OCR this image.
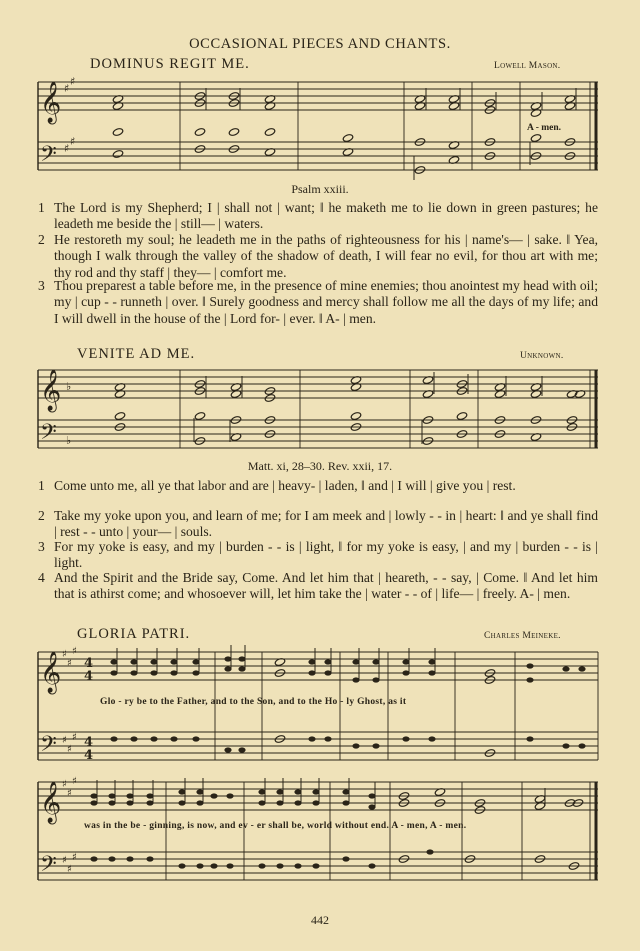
OCCASIONAL PIECES AND CHANTS.
DOMINUS REGIT ME.	Lowell Mason.
𝄞
𝄢
♯
♯
♯
♯
A - men.
Psalm xxiii.
1 The Lord is my Shepherd; I | shall not | want; ‖ he maketh me to lie down in green pastures; he leadeth me beside the | still— | waters.
2 He restoreth my soul; he leadeth me in the paths of righteousness for his | name's— | sake. ‖ Yea, though I walk through the valley of the shadow of death, I will fear no evil, for thou art with me; thy rod and thy staff | they— | comfort me.
3 Thou preparest a table before me, in the presence of mine enemies; thou anointest my head with oil; my | cup - - runneth | over. ‖ Surely goodness and mercy shall follow me all the days of my life; and I will dwell in the house of the | Lord for- | ever. ‖ A- | men.
VENITE AD ME.	Unknown.
𝄞
𝄢
♭
♭
Matt. xi, 28–30. Rev. xxii, 17.
1 Come unto me, all ye that labor and are | heavy- | laden, ‖ and | I will | give you | rest.
2 Take my yoke upon you, and learn of me; for I am meek and | lowly - - in | heart: ‖ and ye shall find | rest - - unto | your— | souls.
3 For my yoke is easy, and my | burden - - is | light, ‖ for my yoke is easy, | and my | burden - - is | light.
4 And the Spirit and the Bride say, Come. And let him that | heareth, - - say, | Come. ‖ And let him that is athirst come; and whosoever will, let him take the | water - - of | life— | freely. A- | men.
GLORIA PATRI.	Charles Meineke.
𝄞
𝄢
𝄞
𝄢
♯
♯
♯
♯
♯
♯
♯
♯
♯
♯
♯
♯
4
4
4
4
Glo - ry be to the Father, and to the Son, and to the Ho - ly Ghost, as it
was in the be - ginning, is now, and ev - er shall be, world without end. A - men, A - men.
442
